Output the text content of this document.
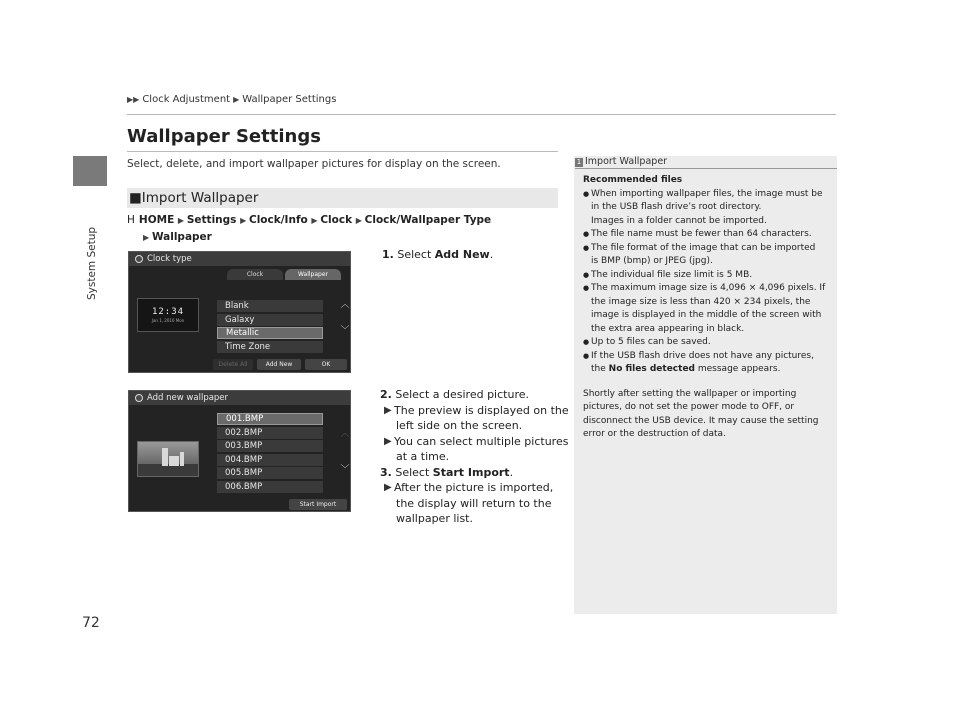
System Setup
▶▶ Clock Adjustment ▶ Wallpaper Settings
Wallpaper Settings
Select, delete, and import wallpaper pictures for display on the screen.
■Import Wallpaper
H HOME ▶ Settings ▶ Clock/Info ▶ Clock ▶ Clock/Wallpaper Type
▶ Wallpaper
Clock type
Clock	Wallpaper
12:34
Jan 1, 2016 Mon
Blank
Galaxy
Metallic
Time Zone
︿
﹀
Delete All	Add New	OK
Add new wallpaper
001.BMP
002.BMP
003.BMP
004.BMP
005.BMP
006.BMP
︿
﹀
Start Import
1. Select Add New.
2. Select a desired picture.
▶ The preview is displayed on the
left side on the screen.
▶ You can select multiple pictures
at a time.
3. Select Start Import.
▶ After the picture is imported,
the display will return to the
wallpaper list.
1 Import Wallpaper
Recommended files
● When importing wallpaper files, the image must be
in the USB flash drive’s root directory.
Images in a folder cannot be imported.
● The file name must be fewer than 64 characters.
● The file format of the image that can be imported
is BMP (bmp) or JPEG (jpg).
● The individual file size limit is 5 MB.
● The maximum image size is 4,096 × 4,096 pixels. If
the image size is less than 420 × 234 pixels, the
image is displayed in the middle of the screen with
the extra area appearing in black.
● Up to 5 files can be saved.
● If the USB flash drive does not have any pictures,
the No files detected message appears.
Shortly after setting the wallpaper or importing
pictures, do not set the power mode to OFF, or
disconnect the USB device. It may cause the setting
error or the destruction of data.
72
